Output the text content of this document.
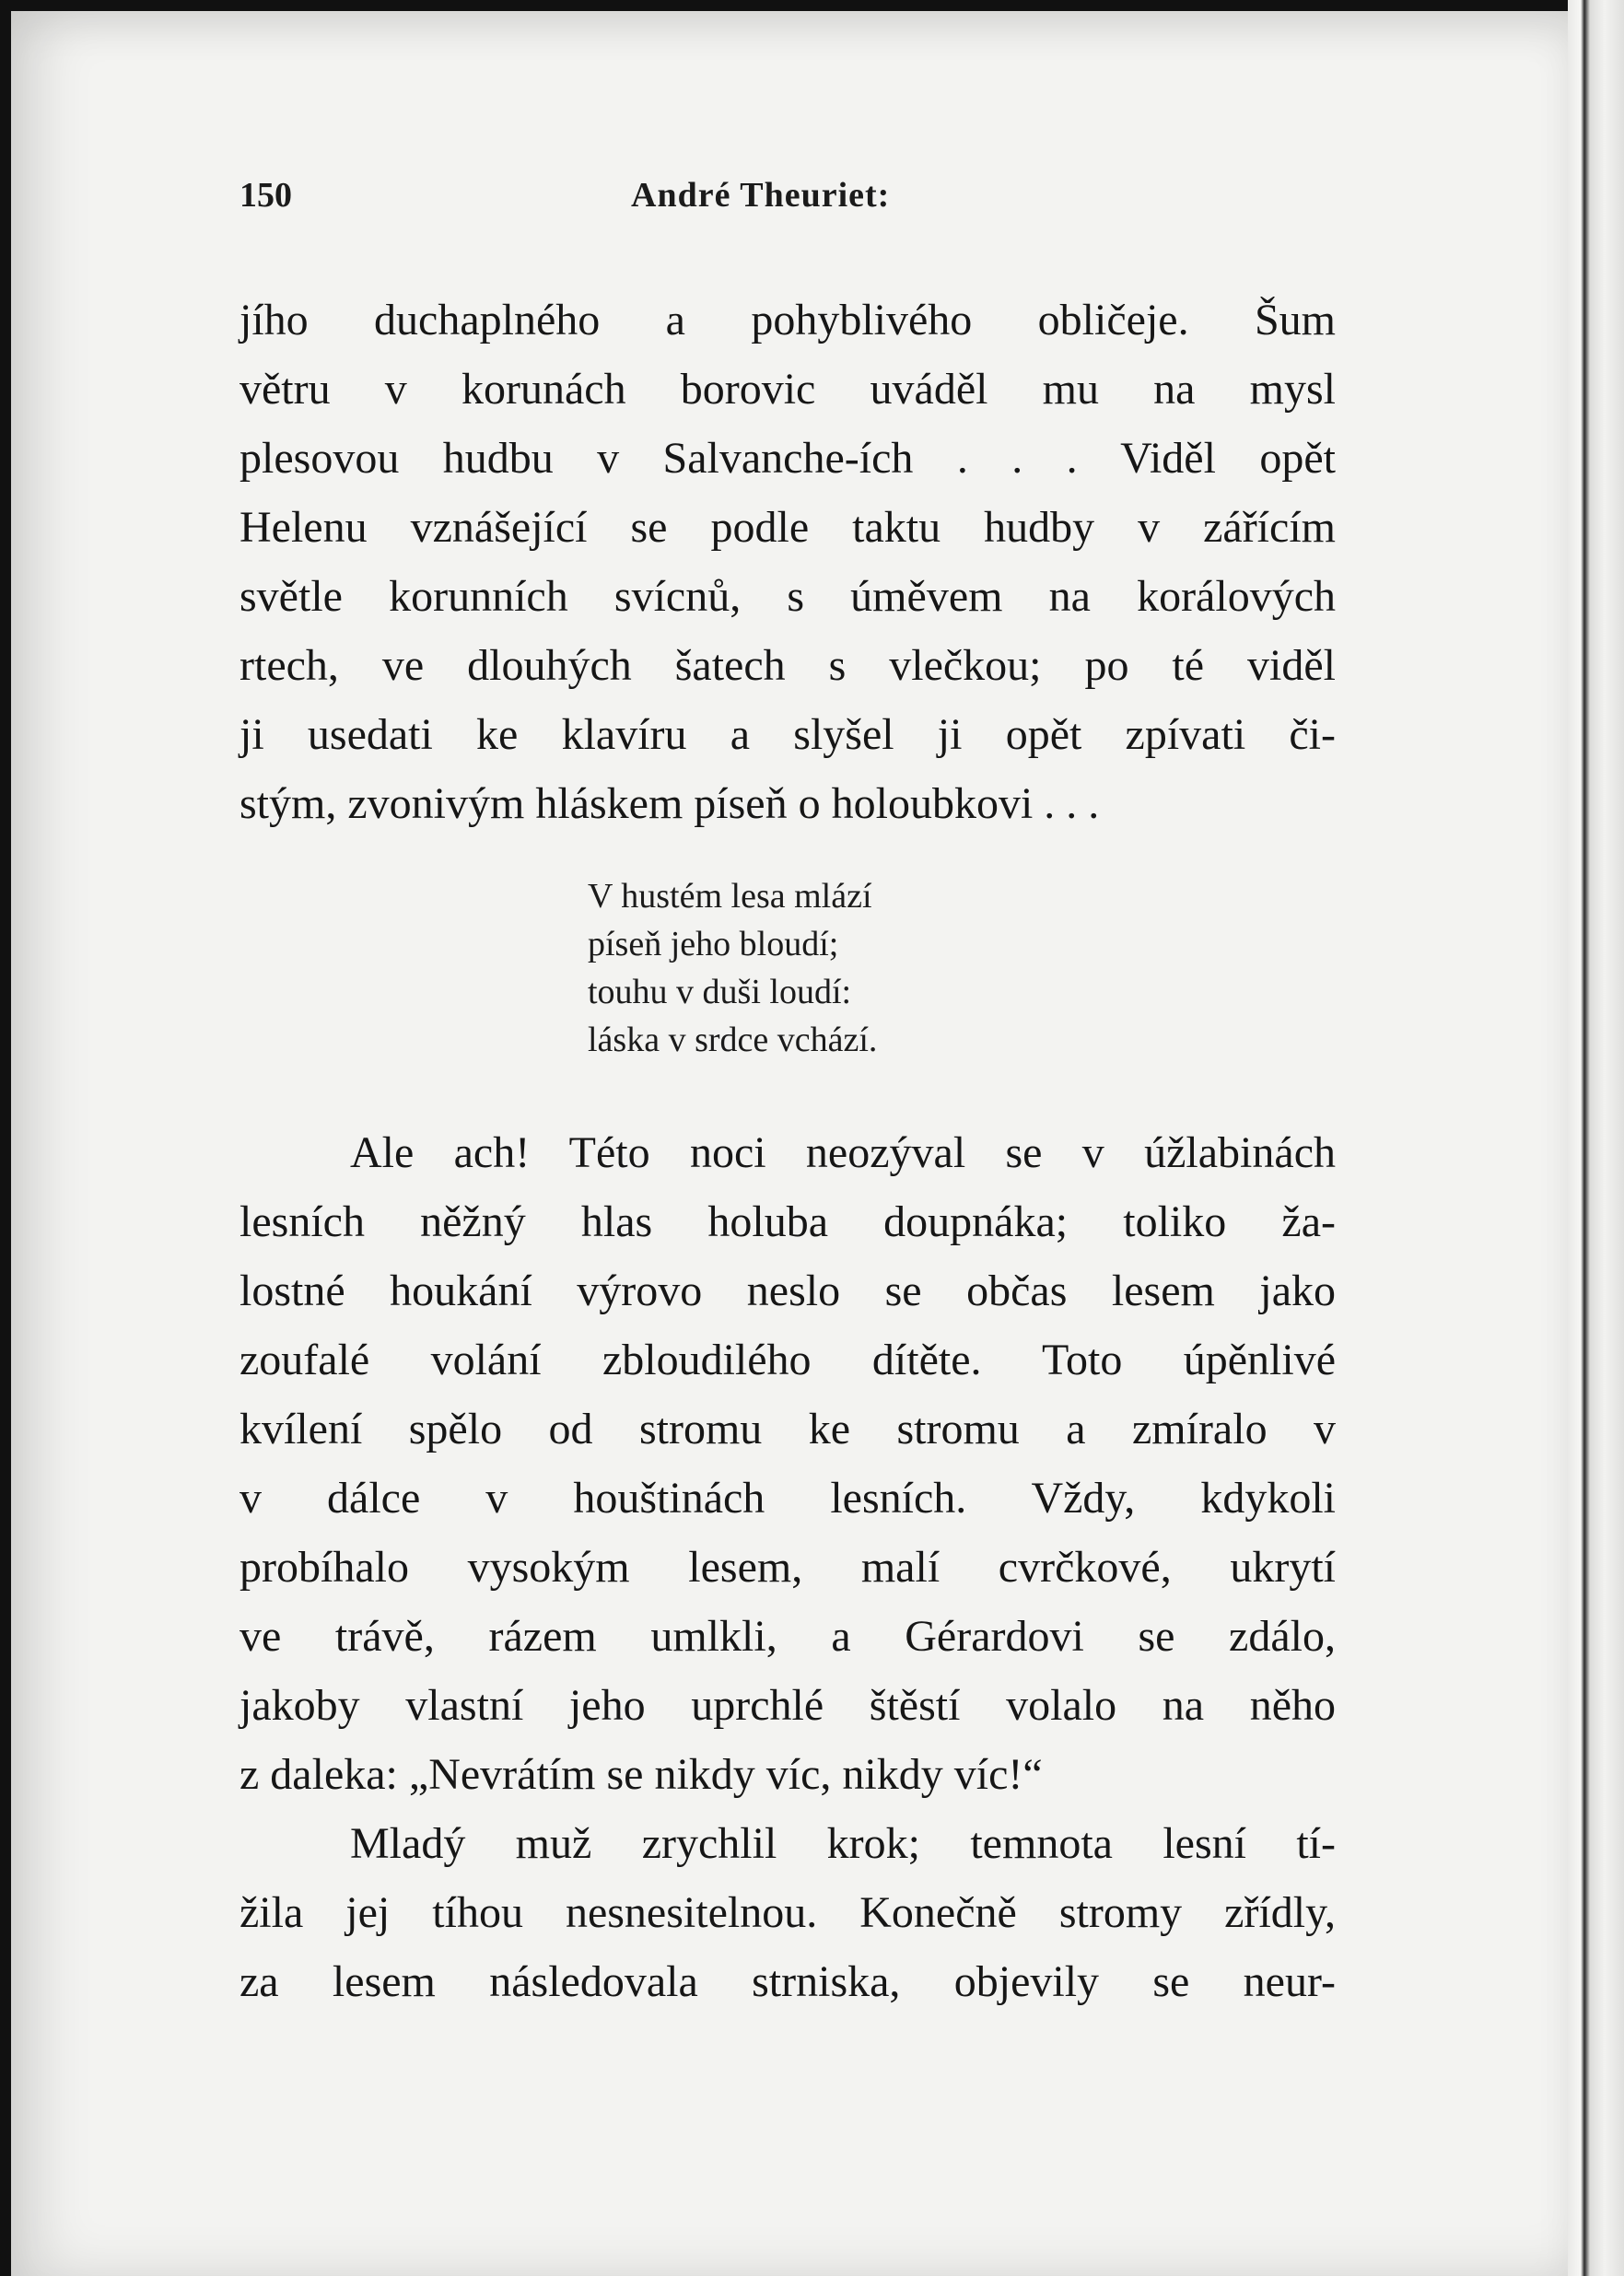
150	André Theuriet:
jího duchaplného a pohyblivého obličeje. Šum
větru v korunách borovic uváděl mu na mysl
plesovou hudbu v Salvanche-ích . . . Viděl opět
Helenu vznášející se podle taktu hudby v zářícím
světle korunních svícnů, s úměvem na korálových
rtech, ve dlouhých šatech s vlečkou; po té viděl
ji usedati ke klavíru a slyšel ji opět zpívati či-
stým, zvonivým hláskem píseň o holoubkovi . . .
V hustém lesa mlází
píseň jeho bloudí;
touhu v duši loudí:
láska v srdce vchází.
Ale ach! Této noci neozýval se v úžlabinách
lesních něžný hlas holuba doupnáka; toliko ža-
lostné houkání výrovo neslo se občas lesem jako
zoufalé volání zbloudilého dítěte. Toto úpěnlivé
kvílení spělo od stromu ke stromu a zmíralo v
v dálce v houštinách lesních. Vždy, kdykoli
probíhalo vysokým lesem, malí cvrčkové, ukrytí
ve trávě, rázem umlkli, a Gérardovi se zdálo,
jakoby vlastní jeho uprchlé štěstí volalo na něho
z daleka: „Nevrátím se nikdy víc, nikdy víc!“
Mladý muž zrychlil krok; temnota lesní tí-
žila jej tíhou nesnesitelnou. Konečně stromy zřídly,
za lesem následovala strniska, objevily se neur-
